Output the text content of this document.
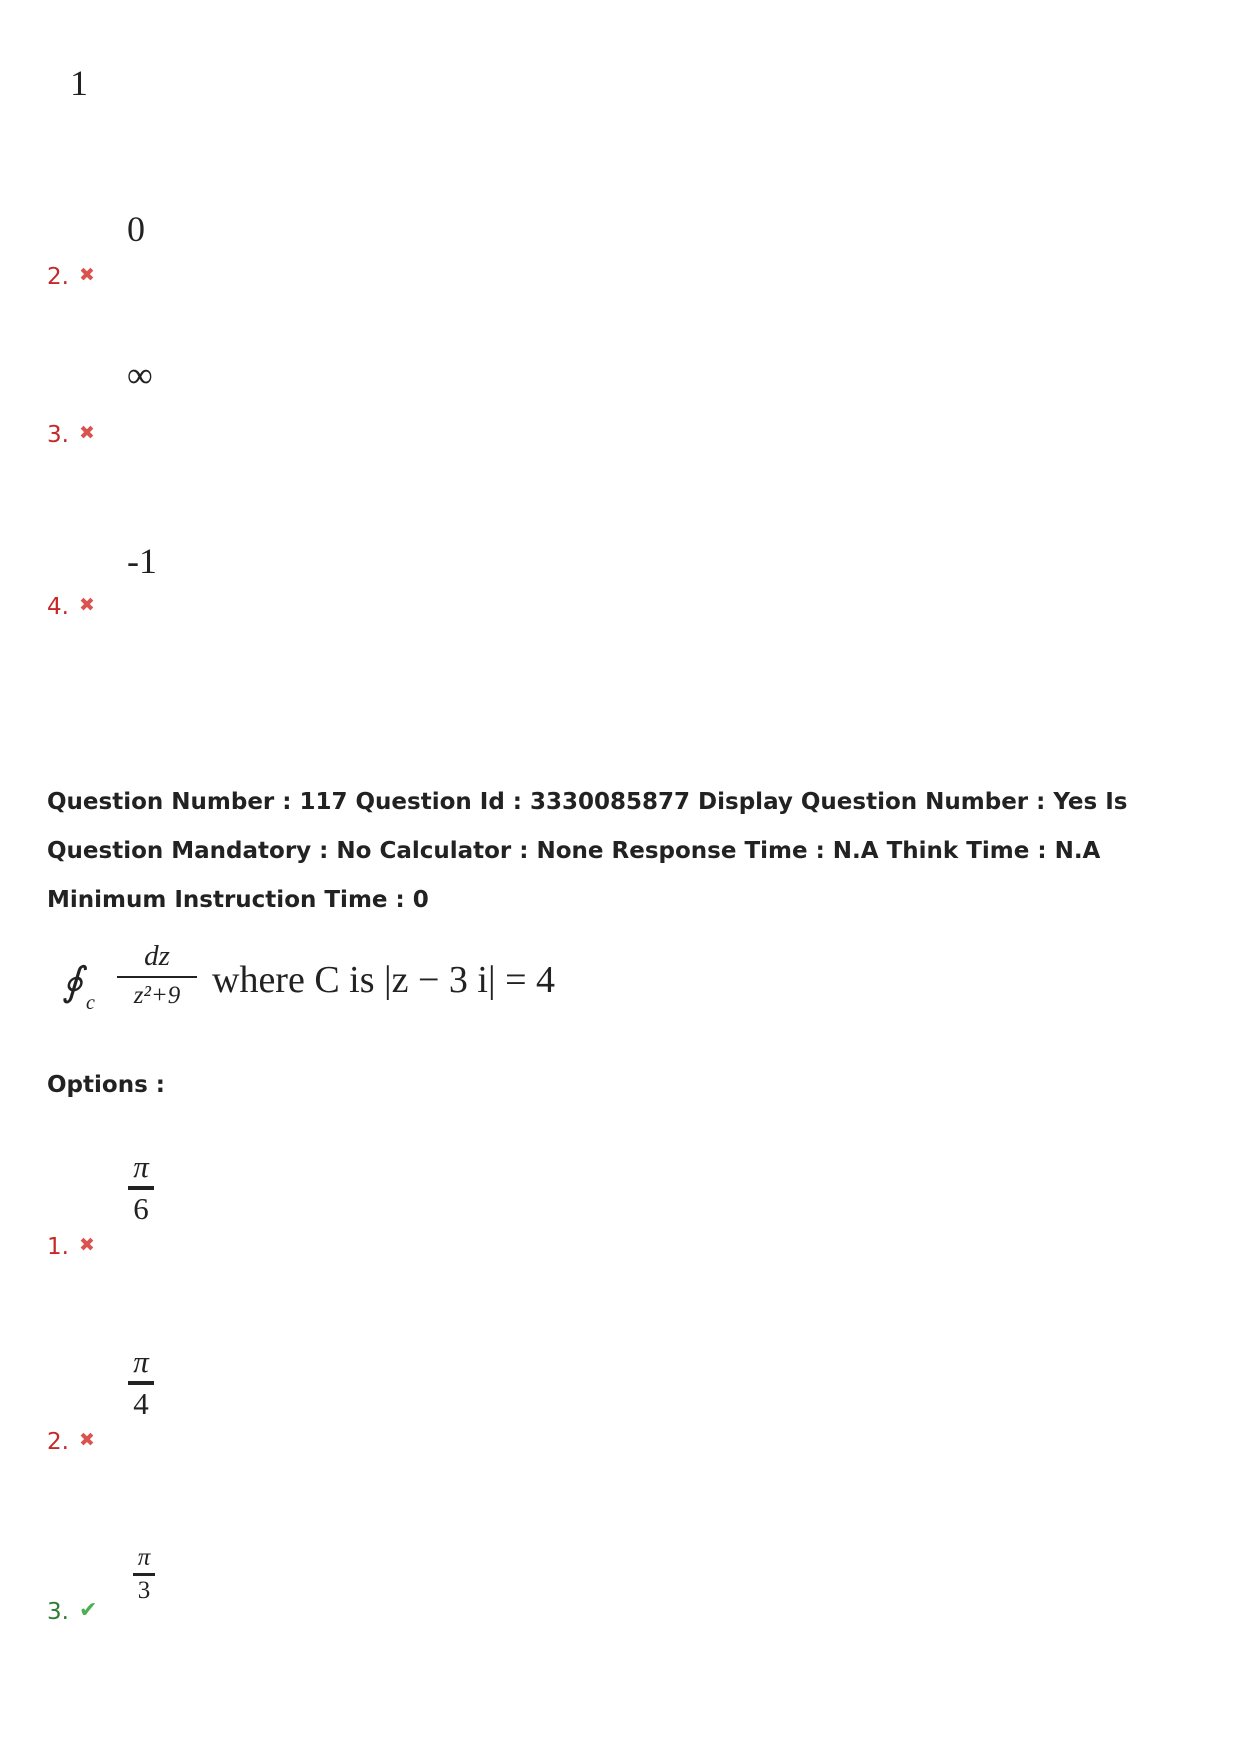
1
0
2. ✖
∞
3. ✖
-1
4. ✖
Question Number : 117 Question Id : 3330085877 Display Question Number : Yes Is Question Mandatory : No Calculator : None Response Time : N.A Think Time : N.A Minimum Instruction Time : 0
∮ c
dz
z²+9 where C is |z − 3 i| = 4
Options :
π
6
1. ✖
π
4
2. ✖
π
3
3. ✔
